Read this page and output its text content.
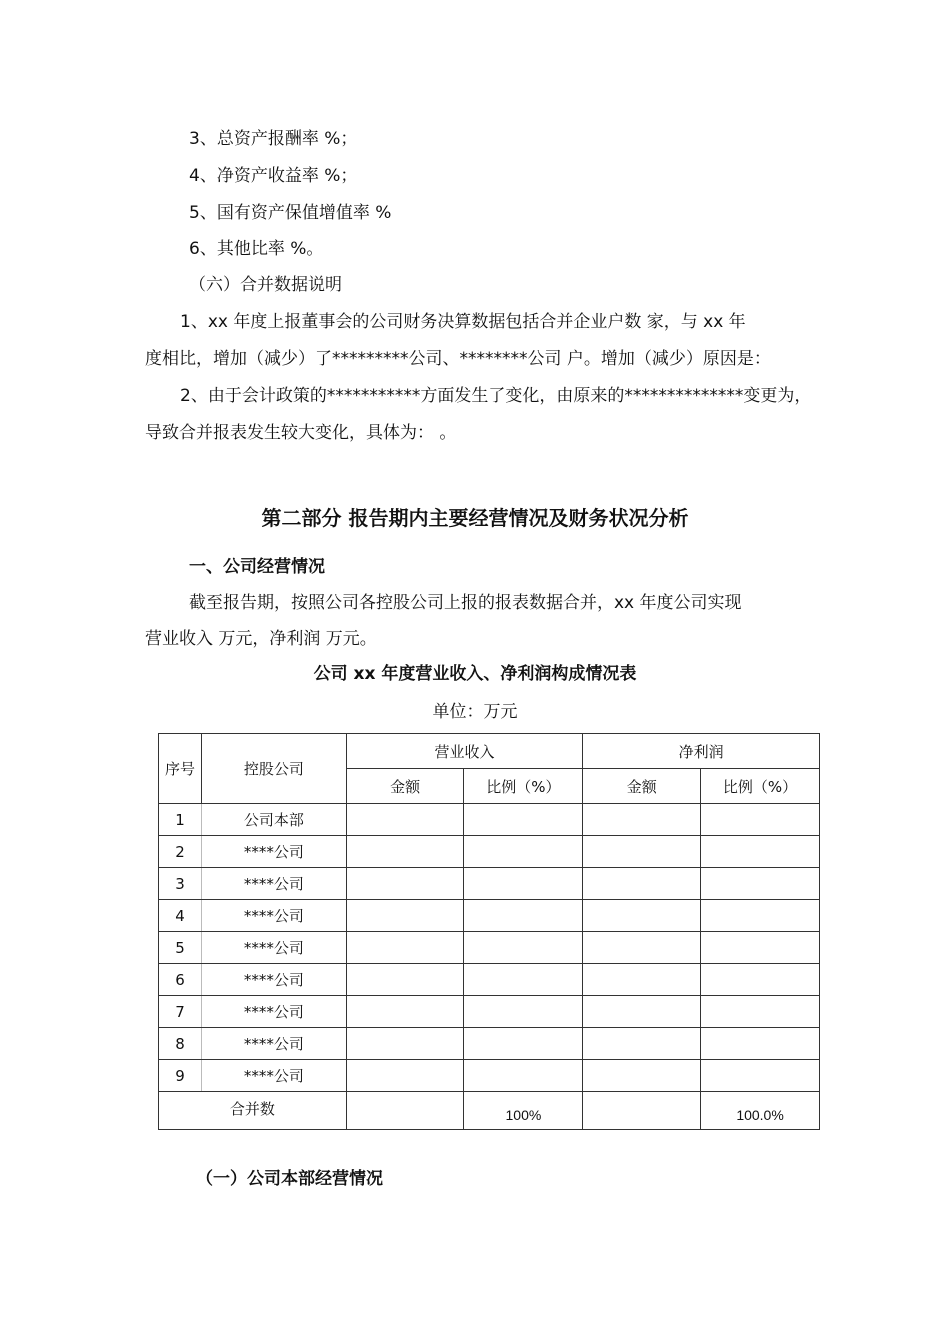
3、总资产报酬率 %；
4、净资产收益率 %；
5、国有资产保值增值率 %
6、其他比率 %。
（六）合并数据说明
1、xx 年度上报董事会的公司财务决算数据包括合并企业户数 家，与 xx 年
度相比，增加（减少）了*********公司、********公司 户。增加（减少）原因是：
2、由于会计政策的***********方面发生了变化，由原来的**************变更为，
导致合并报表发生较大变化，具体为： 。
第二部分 报告期内主要经营情况及财务状况分析
一、公司经营情况
截至报告期，按照公司各控股公司上报的报表数据合并，xx 年度公司实现
营业收入 万元，净利润 万元。
公司 xx 年度营业收入、净利润构成情况表
单位：万元
序号	控股公司	营业收入		净利润	
		金额	比例（%）	金额	比例（%）
1	公司本部				
2	****公司				
3	****公司				
4	****公司				
5	****公司				
6	****公司				
7	****公司				
8	****公司				
9	****公司				
合并数			100%		100.0%
（一）公司本部经营情况
